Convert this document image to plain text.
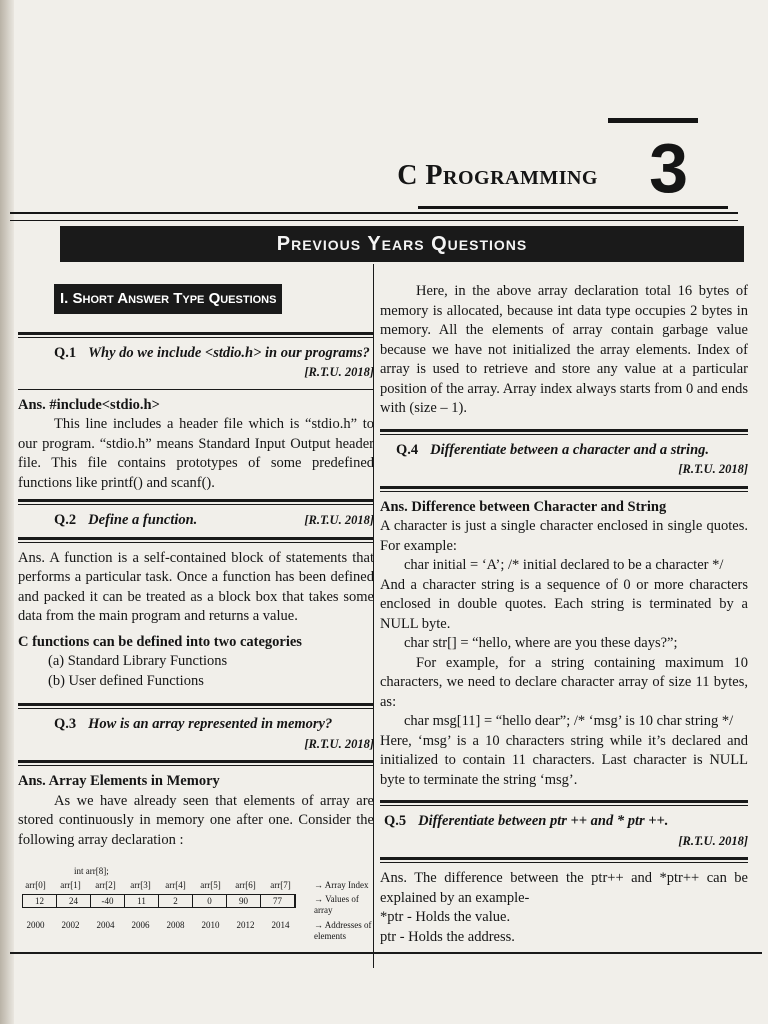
C Programming 3
Previous Years Questions
I. Short Answer Type Questions
Q.1 Why do we include <stdio.h> in our programs?
[R.T.U. 2018]
Ans. #include<stdio.h>

This line includes a header file which is “stdio.h” to our program. “stdio.h” means Standard Input Output header file. This file contains prototypes of some predefined functions like printf() and scanf().

Q.2 Define a function.	[R.T.U. 2018]

Ans. A function is a self-contained block of statements that performs a particular task. Once a function has been defined and packed it can be treated as a block box that takes some data from the main program and returns a value.

C functions can be defined into two categories
(a) Standard Library Functions
(b) User defined Functions
Q.3 How is an array represented in memory?
[R.T.U. 2018]
Ans. Array Elements in Memory

As we have already seen that elements of array are stored continuously in memory one after one. Consider the following array declaration :

int arr[8];
arr[0]	arr[1]	arr[2]	arr[3]	arr[4]	arr[5]	arr[6]	arr[7]	→ Array Index
12	24	-40	11	2	0	90	77	→ Values of array
2000	2002	2004	2006	2008	2010	2012	2014	→ Addresses of elements

Here, in the above array declaration total 16 bytes of memory is allocated, because int data type occupies 2 bytes in memory. All the elements of array contain garbage value because we have not initialized the array elements. Index of array is used to retrieve and store any value at a particular position of the array. Array index always starts from 0 and ends with (size – 1).

Q.4 Differentiate between a character and a string.
[R.T.U. 2018]
Ans. Difference between Character and String

A character is just a single character enclosed in single quotes. For example:

char initial = ‘A’; /* initial declared to be a character */

And a character string is a sequence of 0 or more characters enclosed in double quotes. Each string is terminated by a NULL byte.

char str[] = “hello, where are you these days?”;

For example, for a string containing maximum 10 characters, we need to declare character array of size 11 bytes, as:

char msg[11] = “hello dear”; /* ‘msg’ is 10 char string */

Here, ‘msg’ is a 10 characters string while it’s declared and initialized to contain 11 characters. Last character is NULL byte to terminate the string ‘msg’.

Q.5 Differentiate between ptr ++ and * ptr ++.
[R.T.U. 2018]

Ans. The difference between the ptr++ and *ptr++ can be explained by an example-

*ptr - Holds the value.
ptr - Holds the address.
